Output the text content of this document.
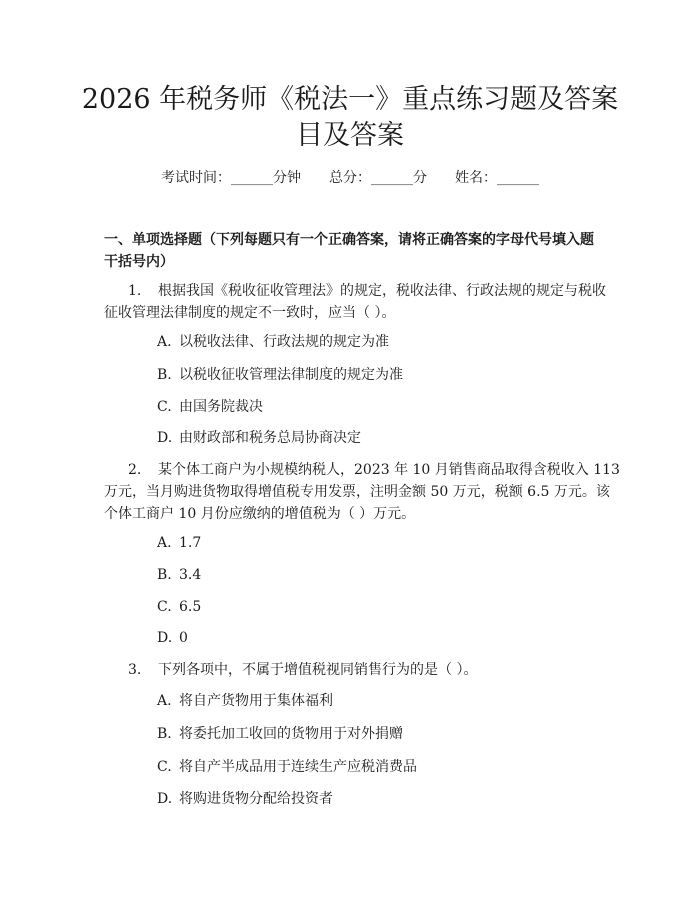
2026 年税务师《税法一》重点练习题及答案
目及答案
考试时间：______分钟 总分：______分 姓名：______
一、单项选择题（下列每题只有一个正确答案，请将正确答案的字母代号填入题
干括号内）
1. 根据我国《税收征收管理法》的规定，税收法律、行政法规的规定与税收
征收管理法律制度的规定不一致时，应当（ ）。
A. 以税收法律、行政法规的规定为准
B. 以税收征收管理法律制度的规定为准
C. 由国务院裁决
D. 由财政部和税务总局协商决定
2. 某个体工商户为小规模纳税人，2023 年 10 月销售商品取得含税收入 113
万元，当月购进货物取得增值税专用发票，注明金额 50 万元，税额 6.5 万元。该
个体工商户 10 月份应缴纳的增值税为（ ）万元。
A. 1.7
B. 3.4
C. 6.5
D. 0
3. 下列各项中，不属于增值税视同销售行为的是（ ）。
A. 将自产货物用于集体福利
B. 将委托加工收回的货物用于对外捐赠
C. 将自产半成品用于连续生产应税消费品
D. 将购进货物分配给投资者
